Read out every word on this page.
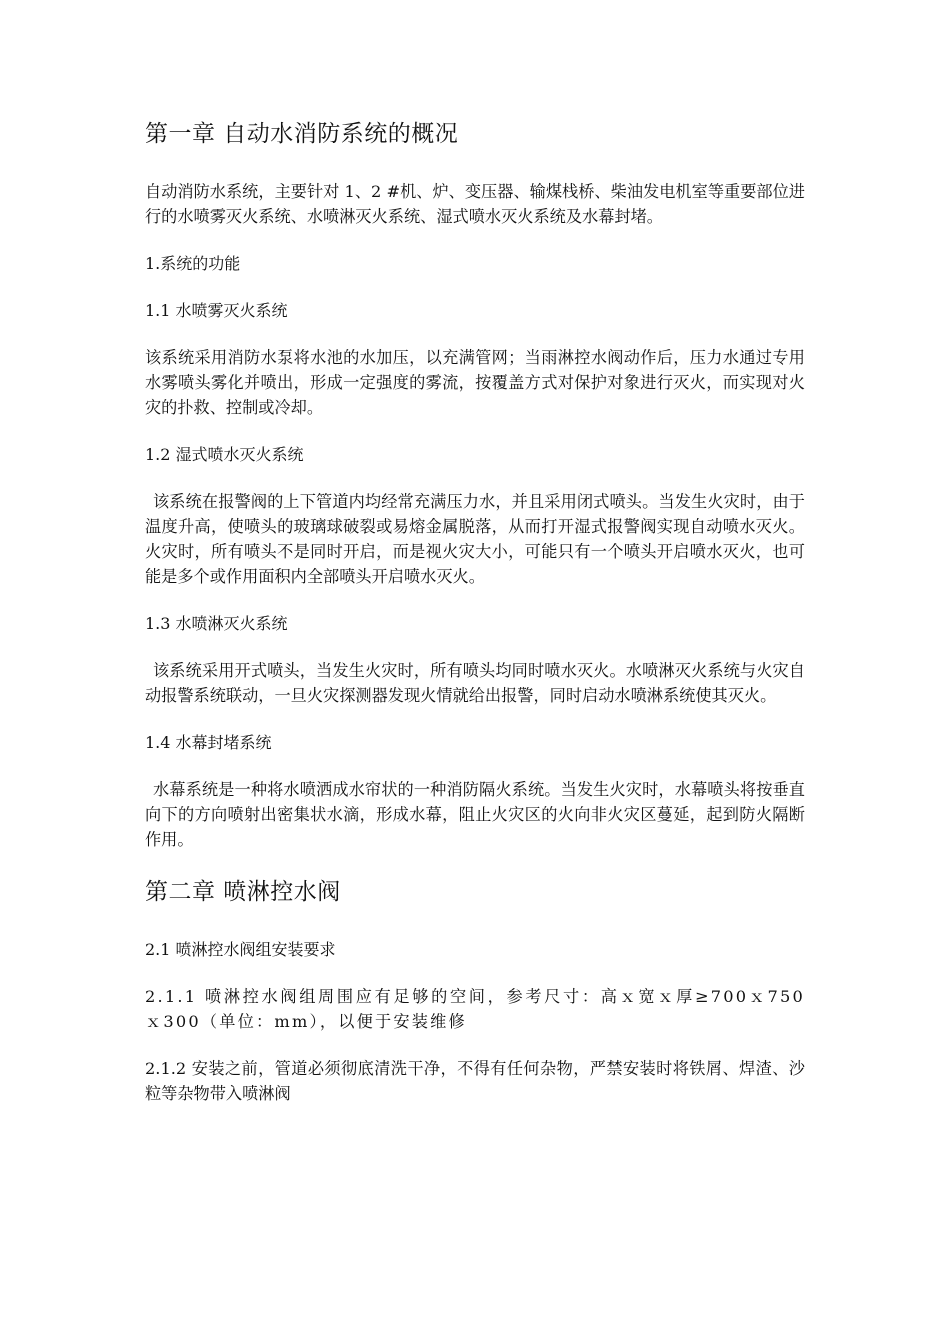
第一章 自动水消防系统的概况

自动消防水系统，主要针对 1、2 #机、炉、变压器、输煤栈桥、柴油发电机室等重要部位进行的水喷雾灭火系统、水喷淋灭火系统、湿式喷水灭火系统及水幕封堵。

1.系统的功能

1.1 水喷雾灭火系统

该系统采用消防水泵将水池的水加压，以充满管网；当雨淋控水阀动作后，压力水通过专用水雾喷头雾化并喷出，形成一定强度的雾流，按覆盖方式对保护对象进行灭火，而实现对火灾的扑救、控制或冷却。

1.2 湿式喷水灭火系统

该系统在报警阀的上下管道内均经常充满压力水，并且采用闭式喷头。当发生火灾时，由于温度升高，使喷头的玻璃球破裂或易熔金属脱落，从而打开湿式报警阀实现自动喷水灭火。火灾时，所有喷头不是同时开启，而是视火灾大小，可能只有一个喷头开启喷水灭火，也可能是多个或作用面积内全部喷头开启喷水灭火。

1.3 水喷淋灭火系统

该系统采用开式喷头，当发生火灾时，所有喷头均同时喷水灭火。水喷淋灭火系统与火灾自动报警系统联动，一旦火灾探测器发现火情就给出报警，同时启动水喷淋系统使其灭火。

1.4 水幕封堵系统

水幕系统是一种将水喷洒成水帘状的一种消防隔火系统。当发生火灾时，水幕喷头将按垂直向下的方向喷射出密集状水滴，形成水幕，阻止火灾区的火向非火灾区蔓延，起到防火隔断作用。

第二章 喷淋控水阀

2.1 喷淋控水阀组安装要求

2.1.1 喷淋控水阀组周围应有足够的空间，参考尺寸：高ｘ宽ｘ厚≥700ｘ750ｘ300（单位：mm），以便于安装维修

2.1.2 安装之前，管道必须彻底清洗干净，不得有任何杂物，严禁安装时将铁屑、焊渣、沙粒等杂物带入喷淋阀
